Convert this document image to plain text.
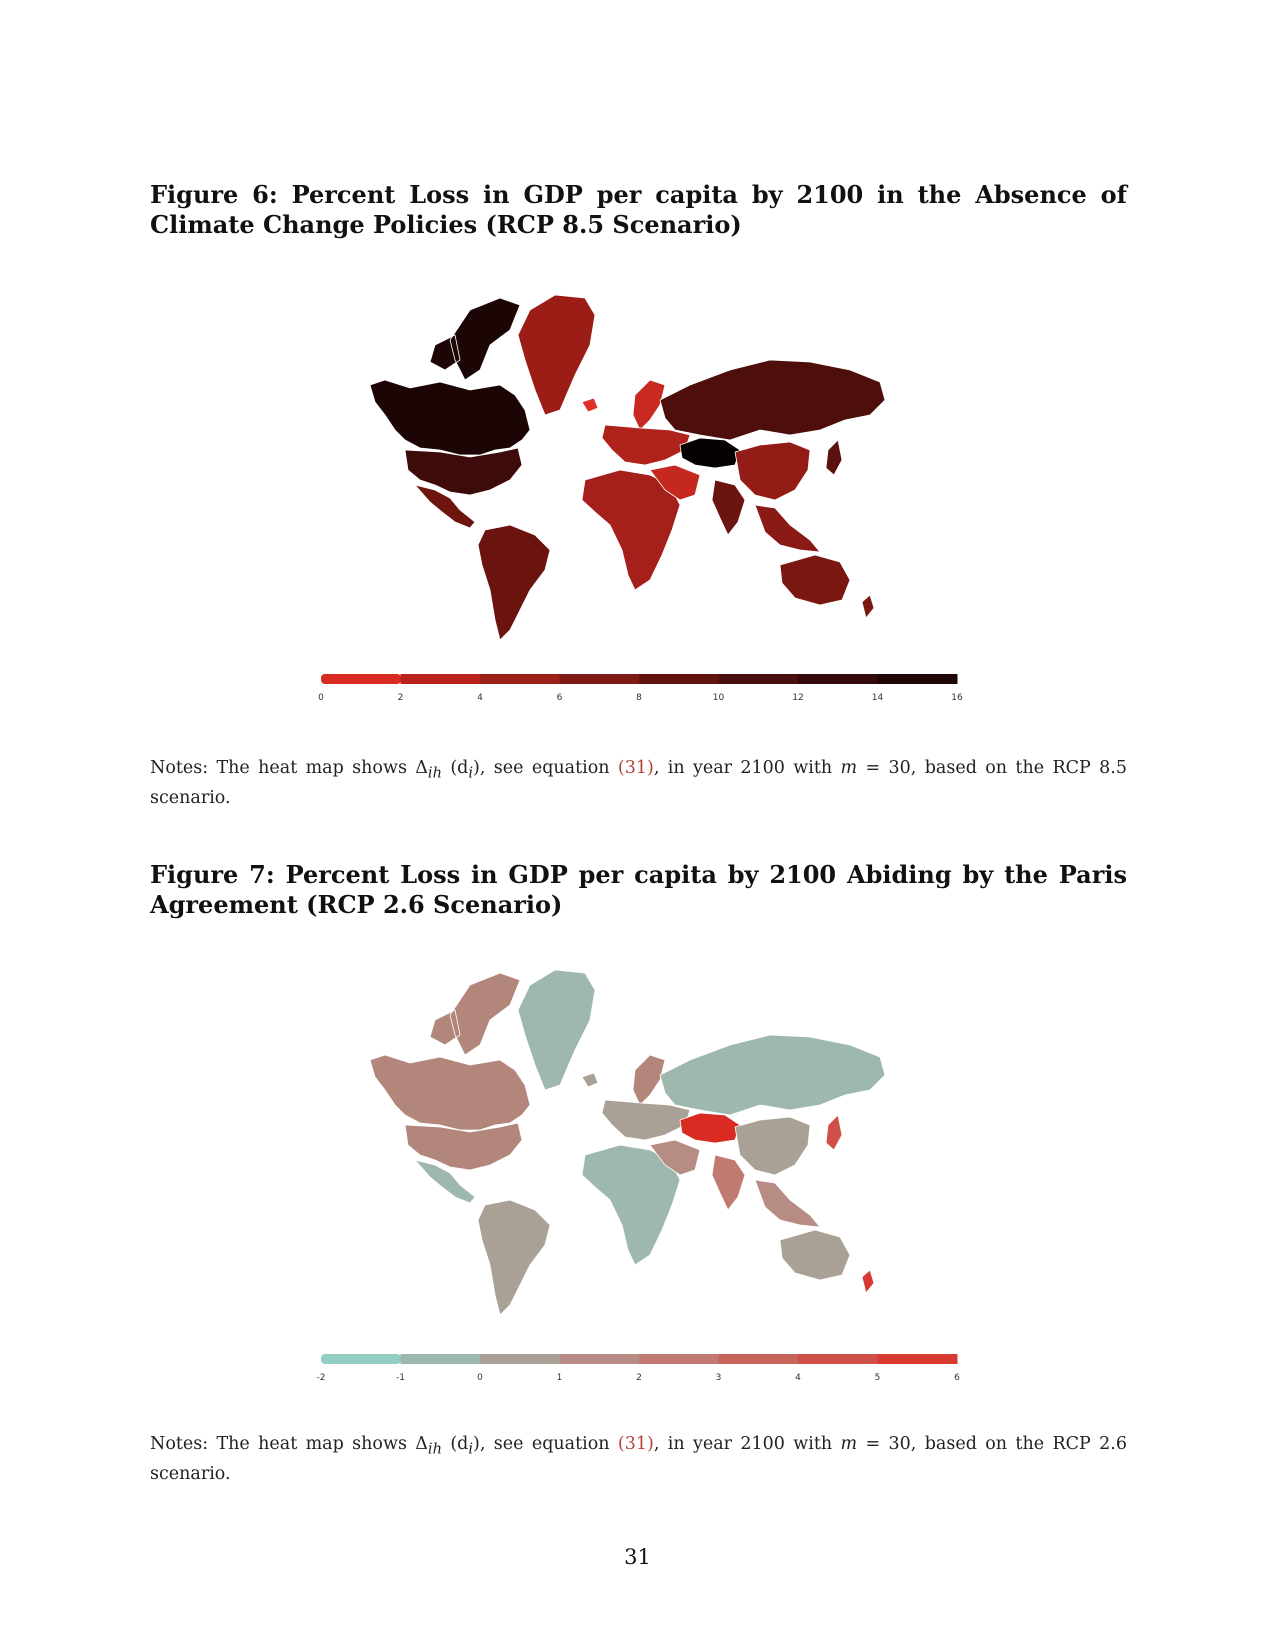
Figure 6: Percent Loss in GDP per capita by 2100 in the Absence of Climate Change Policies (RCP 8.5 Scenario)

0	2	4	6	8	10	12	14	16

Notes: The heat map shows $\Delta_{ih}$ $(d_i)$, see equation (31), in year 2100 with m = 30, based on the RCP 8.5 scenario.

Figure 7: Percent Loss in GDP per capita by 2100 Abiding by the Paris Agreement (RCP 2.6 Scenario)

-2	-1	0	1	2	3	4	5	6

Notes: The heat map shows $\Delta_{ih}$ $(d_i)$, see equation (31), in year 2100 with m = 30, based on the RCP 2.6 scenario.

31
